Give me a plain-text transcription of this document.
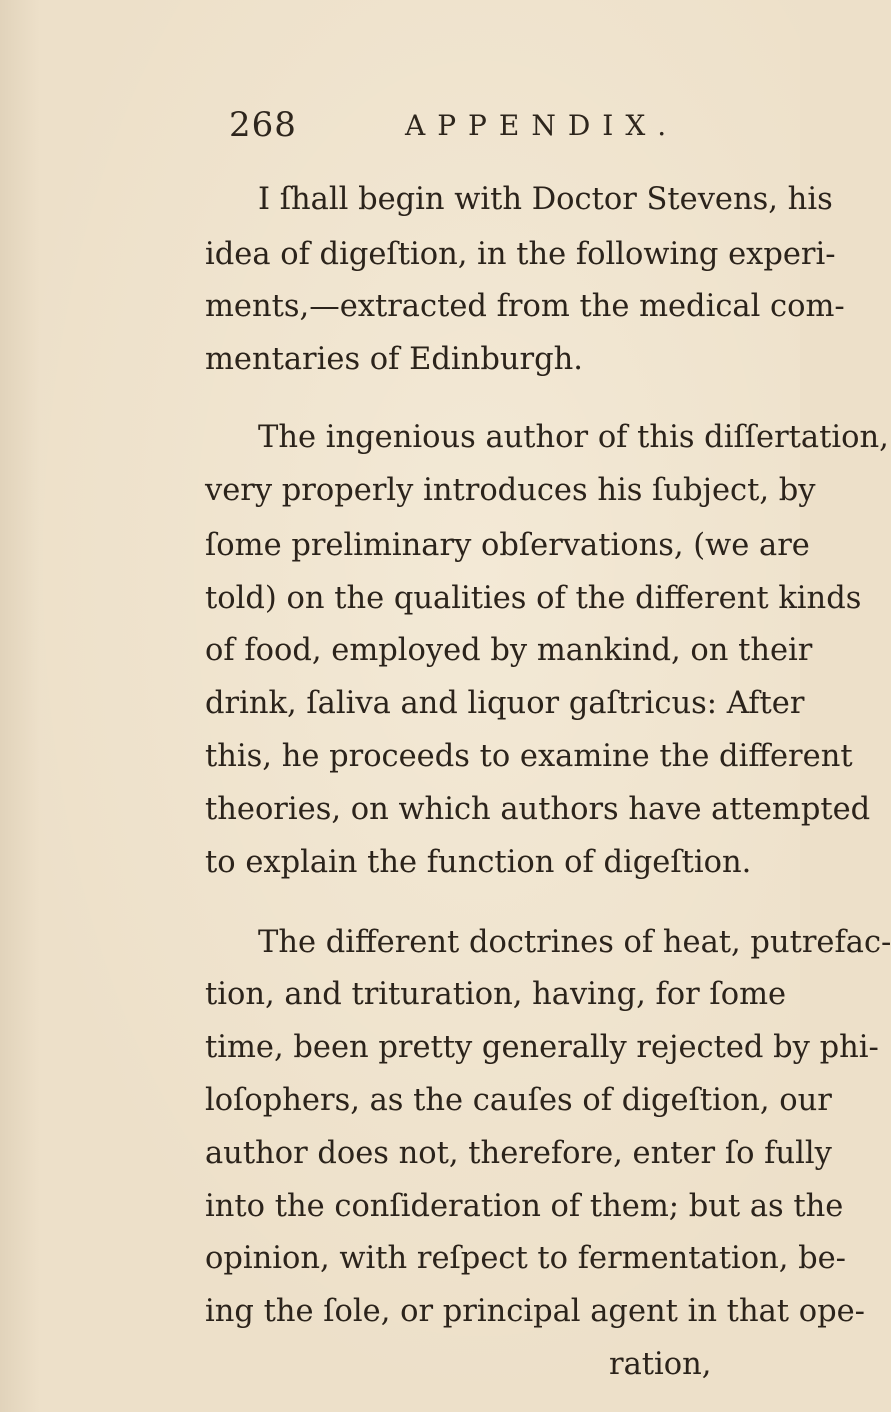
268	APPENDIX.
I ſhall begin with Doctor Stevens, his
idea of digeſtion, in the following experi-
ments,—extracted from the medical com-
mentaries of Edinburgh.
The ingenious author of this diſſertation,
very properly introduces his ſubject, by
ſome preliminary obſervations, (we are
told) on the qualities of the different kinds
of food, employed by mankind, on their
drink, ſaliva and liquor gaſtricus: After
this, he proceeds to examine the different
theories, on which authors have attempted
to explain the function of digeſtion.
The different doctrines of heat, putrefac-
tion, and trituration, having, for ſome
time, been pretty generally rejected by phi-
loſophers, as the cauſes of digeſtion, our
author does not, therefore, enter ſo fully
into the conſideration of them; but as the
opinion, with reſpect to fermentation, be-
ing the ſole, or principal agent in that ope-
ration,
